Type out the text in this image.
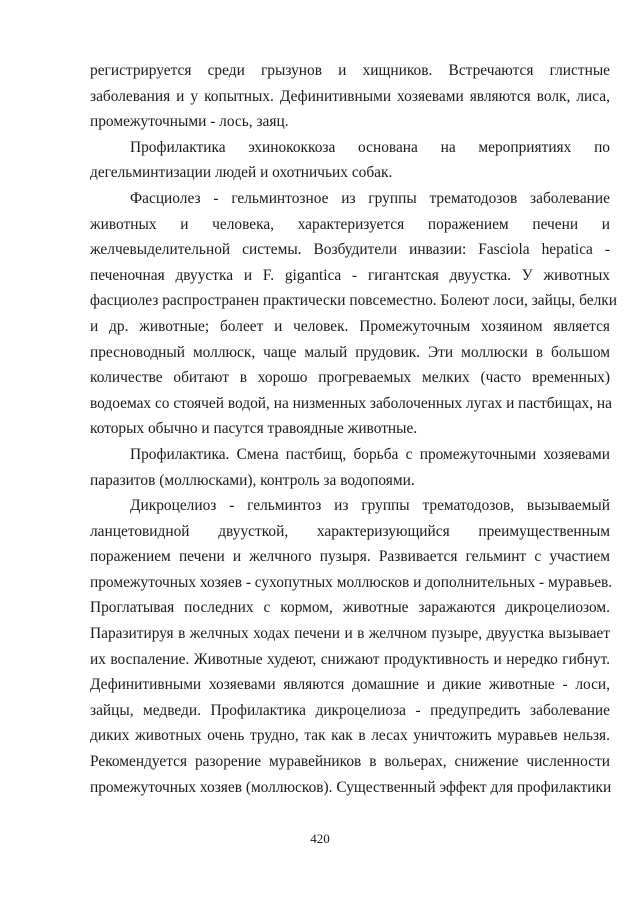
регистрируется среди грызунов и хищников. Встречаются глистные
заболевания и у копытных. Дефинитивными хозяевами являются волк, лиса,
промежуточными - лось, заяц.
Профилактика эхинококкоза основана на мероприятиях по
дегельминтизации людей и охотничьих собак.
Фасциолез - гельминтозное из группы трематодозов заболевание
животных и человека, характеризуется поражением печени и
желчевыделительной системы. Возбудители инвазии: Fasciola hepatica -
печеночная двуустка и F. gigantica - гигантская двуустка. У животных
фасциолез распространен практически повсеместно. Болеют лоси, зайцы, белки
и др. животные; болеет и человек. Промежуточным хозяином является
пресноводный моллюск, чаще малый прудовик. Эти моллюски в большом
количестве обитают в хорошо прогреваемых мелких (часто временных)
водоемах со стоячей водой, на низменных заболоченных лугах и пастбищах, на
которых обычно и пасутся травоядные животные.
Профилактика. Смена пастбищ, борьба с промежуточными хозяевами
паразитов (моллюсками), контроль за водопоями.
Дикроцелиоз - гельминтоз из группы трематодозов, вызываемый
ланцетовидной двуусткой, характеризующийся преимущественным
поражением печени и желчного пузыря. Развивается гельминт с участием
промежуточных хозяев - сухопутных моллюсков и дополнительных - муравьев.
Проглатывая последних с кормом, животные заражаются дикроцелиозом.
Паразитируя в желчных ходах печени и в желчном пузыре, двуустка вызывает
их воспаление. Животные худеют, снижают продуктивность и нередко гибнут.
Дефинитивными хозяевами являются домашние и дикие животные - лоси,
зайцы, медведи. Профилактика дикроцелиоза - предупредить заболевание
диких животных очень трудно, так как в лесах уничтожить муравьев нельзя.
Рекомендуется разорение муравейников в вольерах, снижение численности
промежуточных хозяев (моллюсков). Существенный эффект для профилактики
420
